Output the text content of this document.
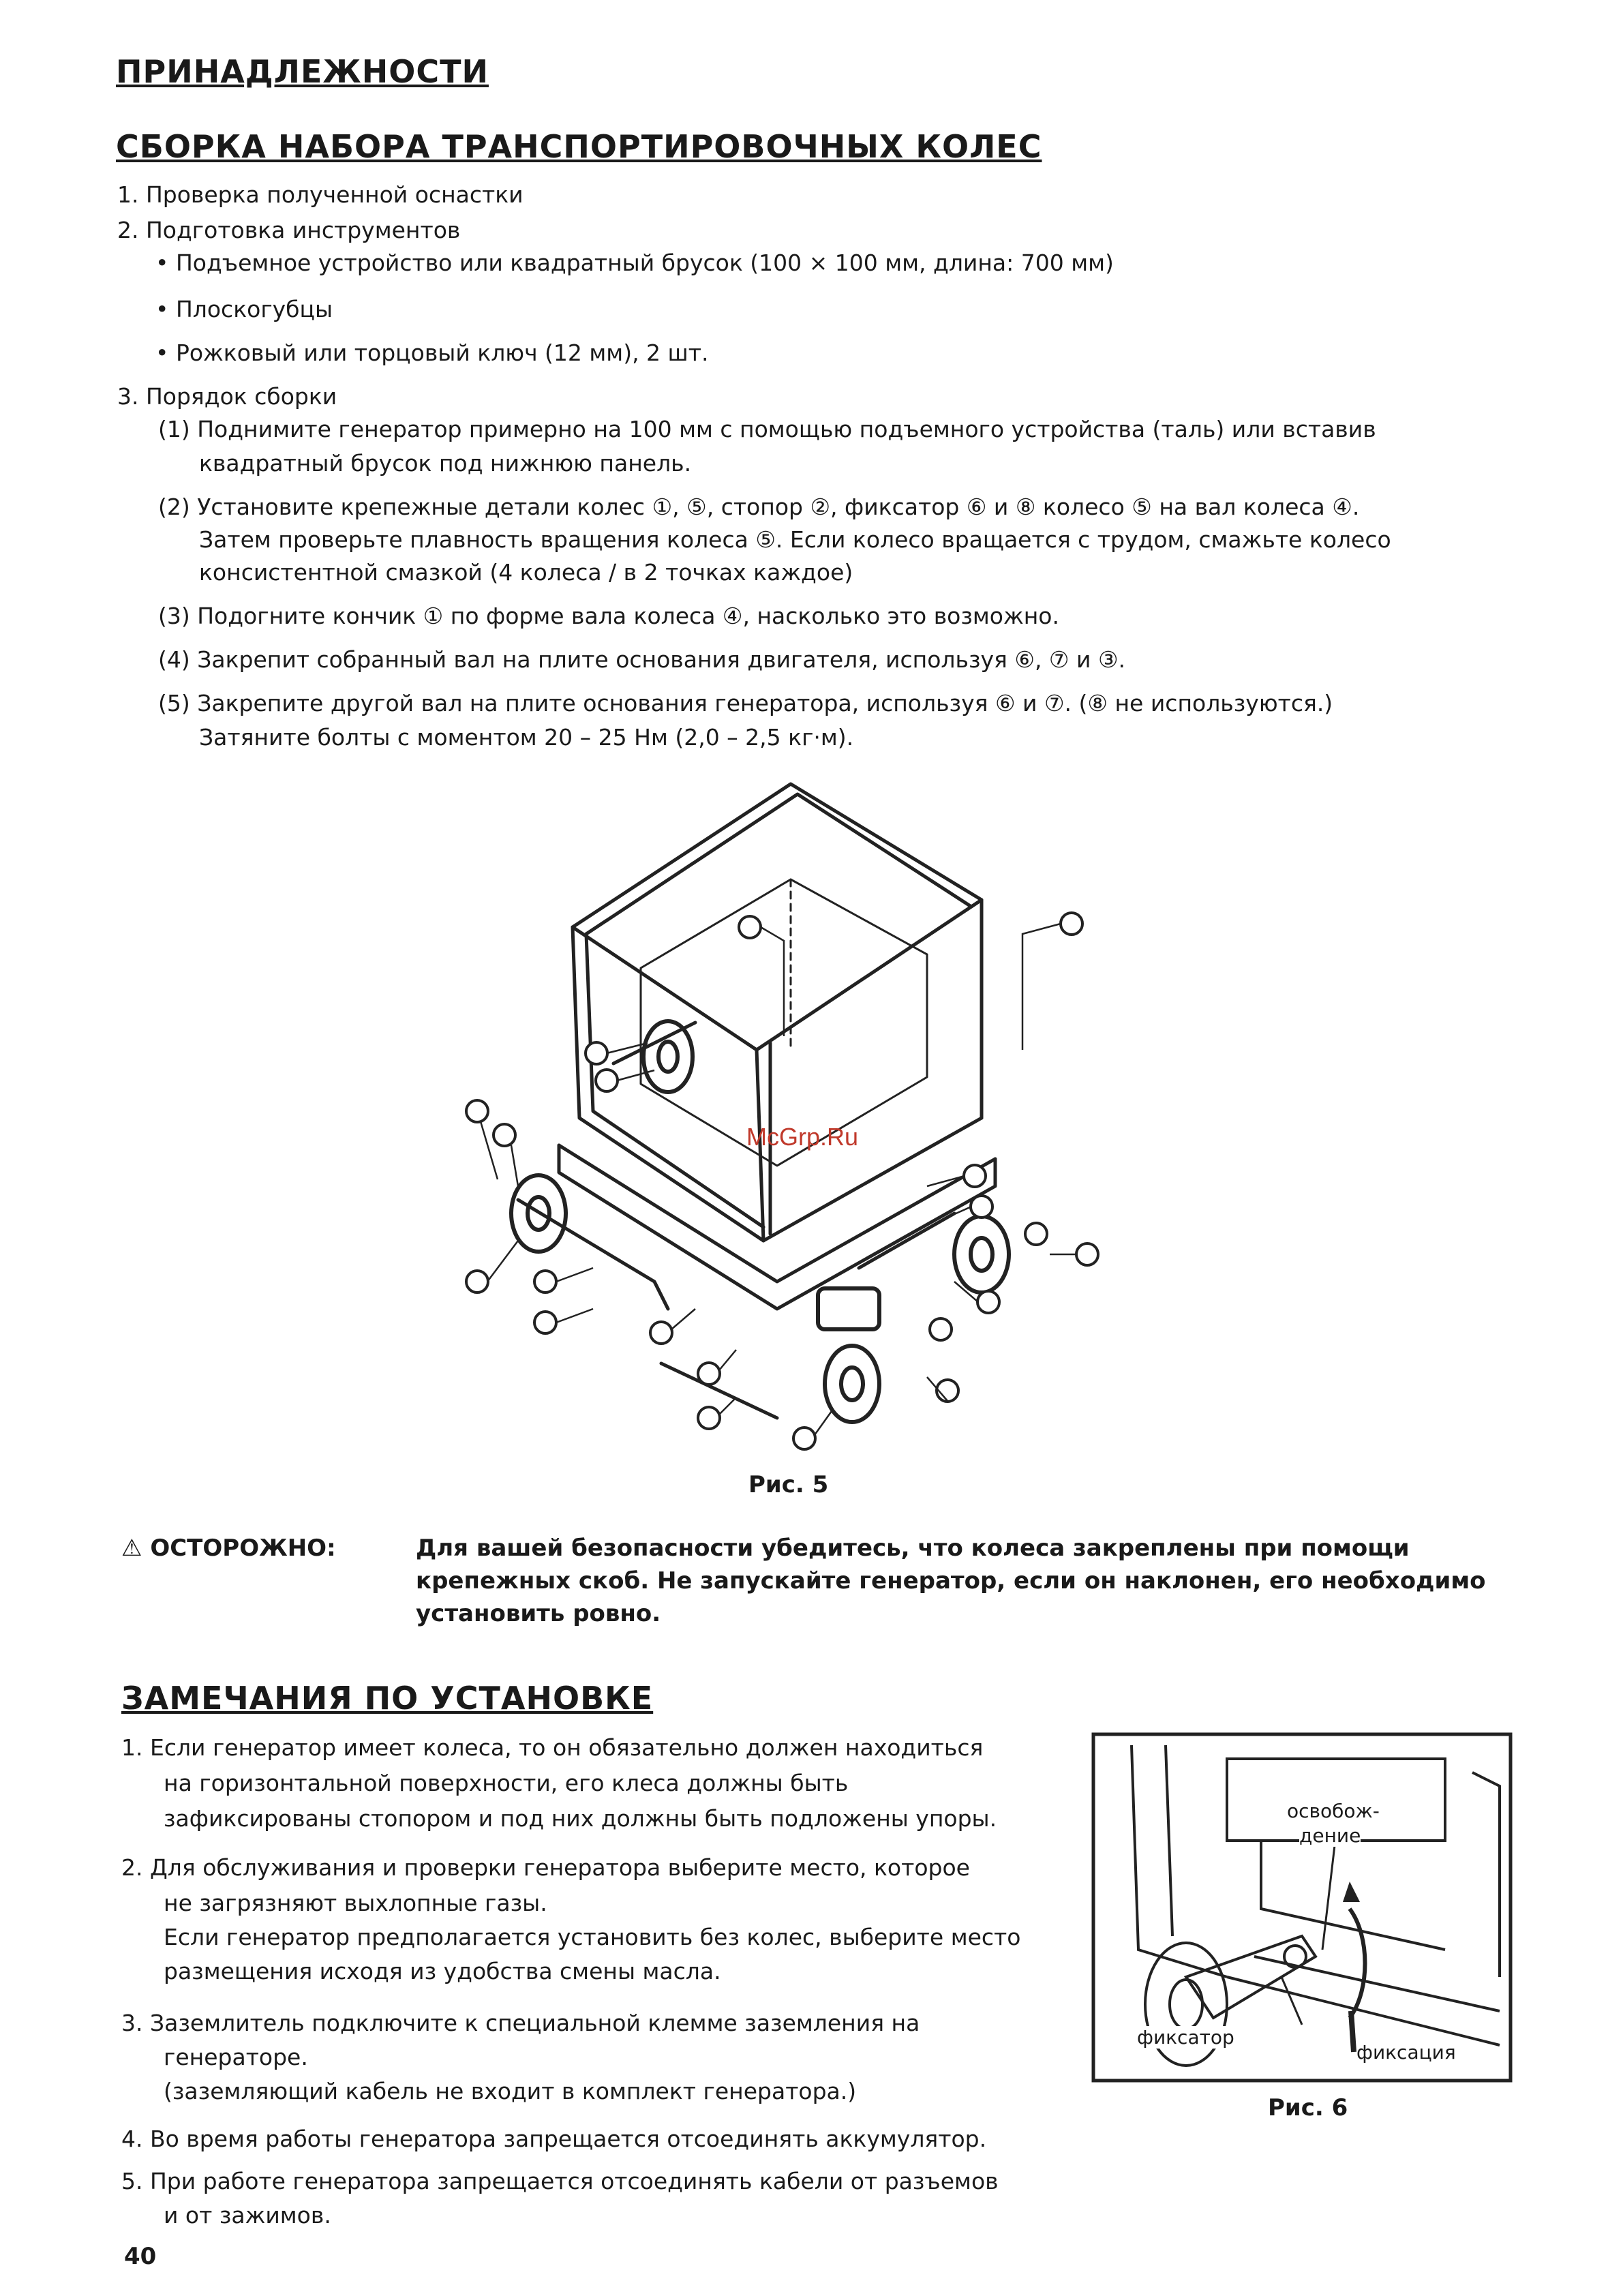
ПРИНАДЛЕЖНОСТИ
СБОРКА НАБОРА ТРАНСПОРТИРОВОЧНЫХ КОЛЕС
1. Проверка полученной оснастки
2. Подготовка инструментов
• Подъемное устройство или квадратный брусок (100 × 100 мм, длина: 700 мм)
• Плоскогубцы
• Рожковый или торцовый ключ (12 мм), 2 шт.
3. Порядок сборки
(1) Поднимите генератор примерно на 100 мм с помощью подъемного устройства (таль) или вставив
квадратный брусок под нижнюю панель.
(2) Установите крепежные детали колес ①, ⑤, стопор ②, фиксатор ⑥ и ⑧ колесо ⑤ на вал колеса ④.
Затем проверьте плавность вращения колеса ⑤. Если колесо вращается с трудом, смажьте колесо
консистентной смазкой (4 колеса / в 2 точках каждое)
(3) Подогните кончик ① по форме вала колеса ④, насколько это возможно.
(4) Закрепит собранный вал на плите основания двигателя, используя ⑥, ⑦ и ③.
(5) Закрепите другой вал на плите основания генератора, используя ⑥ и ⑦. (⑧ не используются.)
Затяните болты с моментом 20 – 25 Нм (2,0 – 2,5 кг·м).
McGrp.Ru
Рис. 5
⚠ ОСТОРОЖНО:	Для вашей безопасности убедитесь, что колеса закреплены при помощи
крепежных скоб. Не запускайте генератор, если он наклонен, его необходимо
установить ровно.
ЗАМЕЧАНИЯ ПО УСТАНОВКЕ
1. Если генератор имеет колеса, то он обязательно должен находиться
на горизонтальной поверхности, его клеса должны быть
зафиксированы стопором и под них должны быть подложены упоры.
2. Для обслуживания и проверки генератора выберите место, которое
не загрязняют выхлопные газы.
Если генератор предполагается установить без колес, выберите место
размещения исходя из удобства смены масла.
3. Заземлитель подключите к специальной клемме заземления на
генераторе.
(заземляющий кабель не входит в комплект генератора.)
4. Во время работы генератора запрещается отсоединять аккумулятор.
5. При работе генератора запрещается отсоединять кабели от разъемов
и от зажимов.
освобож-
дение
фиксатор
фиксация
Рис. 6
40
